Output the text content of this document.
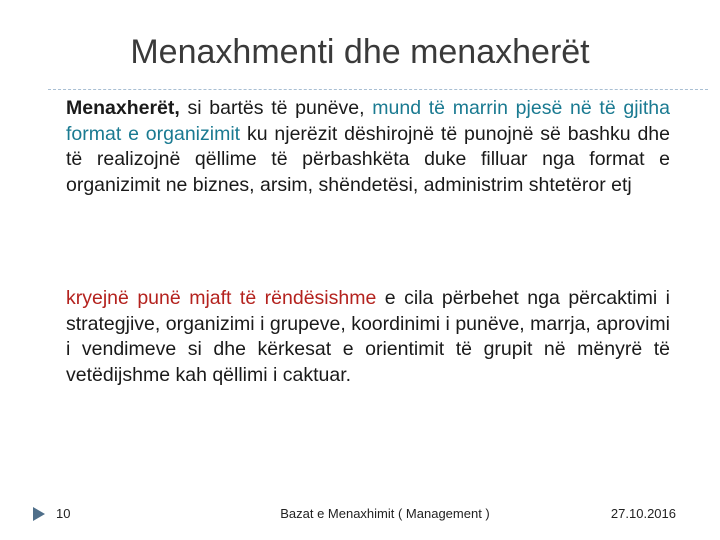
Menaxhmenti dhe menaxherët

Menaxherët, si bartës të punëve, mund të marrin pjesë në të gjitha format e organizimit ku njerëzit dëshirojnë të punojnë së bashku dhe të realizojnë qëllime të përbashkëta duke filluar nga format e organizimit ne biznes, arsim, shëndetësi, administrim shtetëror etj

kryejnë punë mjaft të rëndësishme e cila përbehet nga përcaktimi i strategjive, organizimi i grupeve, koordinimi i punëve, marrja, aprovimi i vendimeve si dhe kërkesat e orientimit të grupit në mënyrë të vetëdijshme kah qëllimi i caktuar.

10	Bazat e Menaxhimit ( Management )	27.10.2016
